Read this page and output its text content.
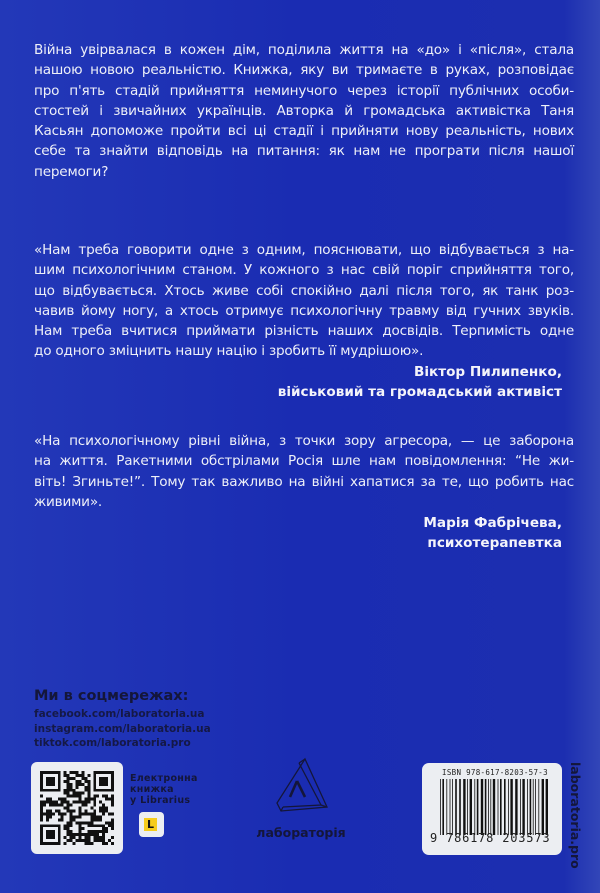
Війна увірвалася в кожен дім, поділила життя на «до» і «після», стала
нашою новою реальністю. Книжка, яку ви тримаєте в руках, розповідає
про п'ять стадій прийняття неминучого через історії публічних особи-
стостей і звичайних українців. Авторка й громадська активістка Таня
Касьян допоможе пройти всі ці стадії і прийняти нову реальність, нових
себе та знайти відповідь на питання: як нам не програти після нашої
перемоги?
«Нам треба говорити одне з одним, пояснювати, що відбувається з на-
шим психологічним станом. У кожного з нас свій поріг сприйняття того,
що відбувається. Хтось живе собі спокійно далі після того, як танк роз-
чавив йому ногу, а хтось отримує психологічну травму від гучних звуків.
Нам треба вчитися приймати різність наших досвідів. Терпимість одне
до одного зміцнить нашу націю і зробить її мудрішою».
Віктор Пилипенко,
військовий та громадський активіст
«На психологічному рівні війна, з точки зору агресора, — це заборона
на життя. Ракетними обстрілами Росія шле нам повідомлення: “Не жи-
віть! Згиньте!”. Тому так важливо на війні хапатися за те, що робить нас
живими».
Марія Фабрічева,
психотерапевтка
Ми в соцмережах:
facebook.com/laboratoria.ua
instagram.com/laboratoria.ua
tiktok.com/laboratoria.pro
Електронна
книжка
у Librarius
L
лабораторія
ISBN 978-617-8203-57-3
9 786178 203573 laboratoria.pro
